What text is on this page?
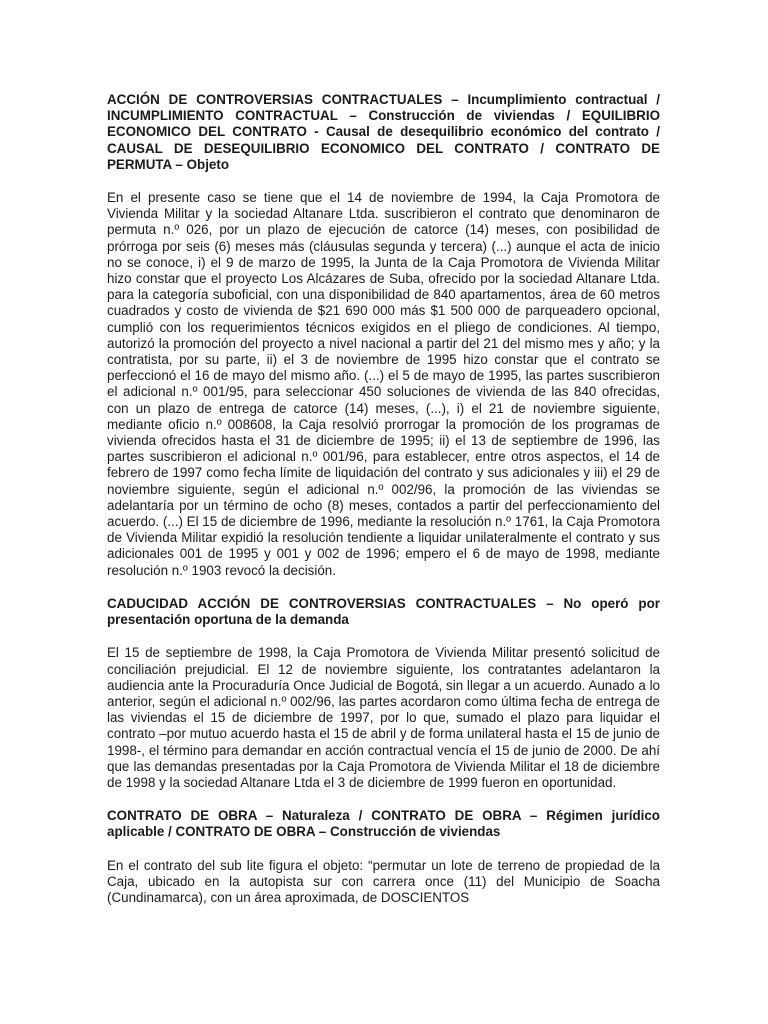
ACCIÓN DE CONTROVERSIAS CONTRACTUALES – Incumplimiento contractual / INCUMPLIMIENTO CONTRACTUAL – Construcción de viviendas / EQUILIBRIO ECONOMICO DEL CONTRATO - Causal de desequilibrio económico del contrato / CAUSAL DE DESEQUILIBRIO ECONOMICO DEL CONTRATO / CONTRATO DE PERMUTA – Objeto

En el presente caso se tiene que el 14 de noviembre de 1994, la Caja Promotora de Vivienda Militar y la sociedad Altanare Ltda. suscribieron el contrato que denominaron de permuta n.º 026, por un plazo de ejecución de catorce (14) meses, con posibilidad de prórroga por seis (6) meses más (cláusulas segunda y tercera) (...) aunque el acta de inicio no se conoce, i) el 9 de marzo de 1995, la Junta de la Caja Promotora de Vivienda Militar hizo constar que el proyecto Los Alcázares de Suba, ofrecido por la sociedad Altanare Ltda. para la categoría suboficial, con una disponibilidad de 840 apartamentos, área de 60 metros cuadrados y costo de vivienda de $21 690 000 más $1 500 000 de parqueadero opcional, cumplió con los requerimientos técnicos exigidos en el pliego de condiciones. Al tiempo, autorizó la promoción del proyecto a nivel nacional a partir del 21 del mismo mes y año; y la contratista, por su parte, ii) el 3 de noviembre de 1995 hizo constar que el contrato se perfeccionó el 16 de mayo del mismo año. (...) el 5 de mayo de 1995, las partes suscribieron el adicional n.º 001/95, para seleccionar 450 soluciones de vivienda de las 840 ofrecidas, con un plazo de entrega de catorce (14) meses, (...), i) el 21 de noviembre siguiente, mediante oficio n.º 008608, la Caja resolvió prorrogar la promoción de los programas de vivienda ofrecidos hasta el 31 de diciembre de 1995; ii) el 13 de septiembre de 1996, las partes suscribieron el adicional n.º 001/96, para establecer, entre otros aspectos, el 14 de febrero de 1997 como fecha límite de liquidación del contrato y sus adicionales y iii) el 29 de noviembre siguiente, según el adicional n.º 002/96, la promoción de las viviendas se adelantaría por un término de ocho (8) meses, contados a partir del perfeccionamiento del acuerdo. (...) El 15 de diciembre de 1996, mediante la resolución n.º 1761, la Caja Promotora de Vivienda Militar expidió la resolución tendiente a liquidar unilateralmente el contrato y sus adicionales 001 de 1995 y 001 y 002 de 1996; empero el 6 de mayo de 1998, mediante resolución n.º 1903 revocó la decisión.

CADUCIDAD ACCIÓN DE CONTROVERSIAS CONTRACTUALES – No operó por presentación oportuna de la demanda

El 15 de septiembre de 1998, la Caja Promotora de Vivienda Militar presentó solicitud de conciliación prejudicial. El 12 de noviembre siguiente, los contratantes adelantaron la audiencia ante la Procuraduría Once Judicial de Bogotá, sin llegar a un acuerdo. Aunado a lo anterior, según el adicional n.º 002/96, las partes acordaron como última fecha de entrega de las viviendas el 15 de diciembre de 1997, por lo que, sumado el plazo para liquidar el contrato –por mutuo acuerdo hasta el 15 de abril y de forma unilateral hasta el 15 de junio de 1998-, el término para demandar en acción contractual vencía el 15 de junio de 2000. De ahí que las demandas presentadas por la Caja Promotora de Vivienda Militar el 18 de diciembre de 1998 y la sociedad Altanare Ltda el 3 de diciembre de 1999 fueron en oportunidad.

CONTRATO DE OBRA – Naturaleza / CONTRATO DE OBRA – Régimen jurídico aplicable / CONTRATO DE OBRA – Construcción de viviendas

En el contrato del sub lite figura el objeto: “permutar un lote de terreno de propiedad de la Caja, ubicado en la autopista sur con carrera once (11) del Municipio de Soacha (Cundinamarca), con un área aproximada, de DOSCIENTOS
